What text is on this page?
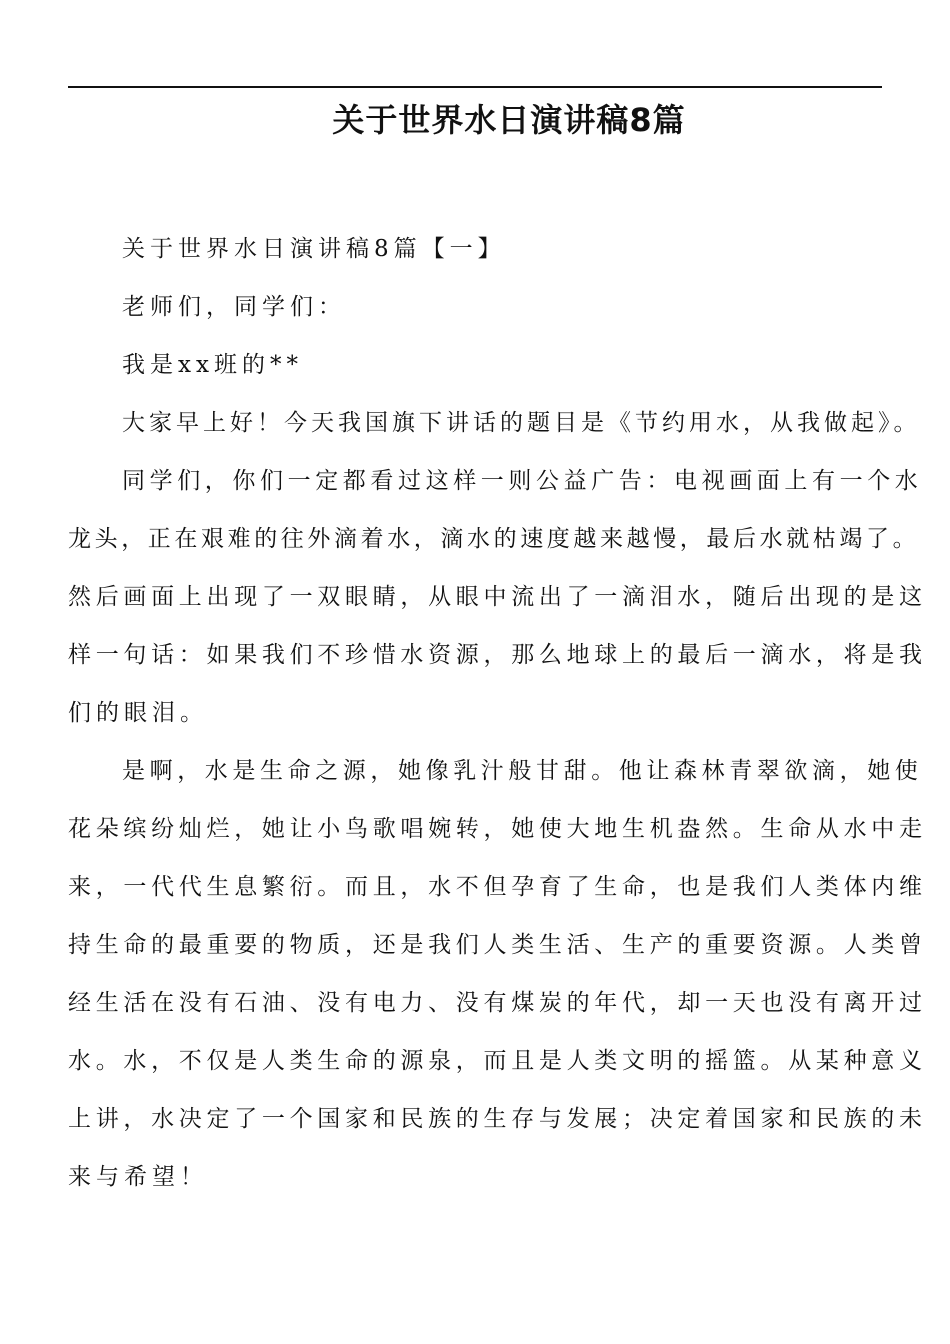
关于世界水日演讲稿8篇
关于世界水日演讲稿8篇【一】
老师们，同学们：
我是xx班的**
大家早上好！今天我国旗下讲话的题目是《节约用水，从我做起》。
同学们，你们一定都看过这样一则公益广告：电视画面上有一个水
龙头，正在艰难的往外滴着水，滴水的速度越来越慢，最后水就枯竭了。
然后画面上出现了一双眼睛，从眼中流出了一滴泪水，随后出现的是这
样一句话：如果我们不珍惜水资源，那么地球上的最后一滴水，将是我
们的眼泪。
是啊，水是生命之源，她像乳汁般甘甜。他让森林青翠欲滴，她使
花朵缤纷灿烂，她让小鸟歌唱婉转，她使大地生机盎然。生命从水中走
来，一代代生息繁衍。而且，水不但孕育了生命，也是我们人类体内维
持生命的最重要的物质，还是我们人类生活、生产的重要资源。人类曾
经生活在没有石油、没有电力、没有煤炭的年代，却一天也没有离开过
水。水，不仅是人类生命的源泉，而且是人类文明的摇篮。从某种意义
上讲，水决定了一个国家和民族的生存与发展；决定着国家和民族的未
来与希望！
